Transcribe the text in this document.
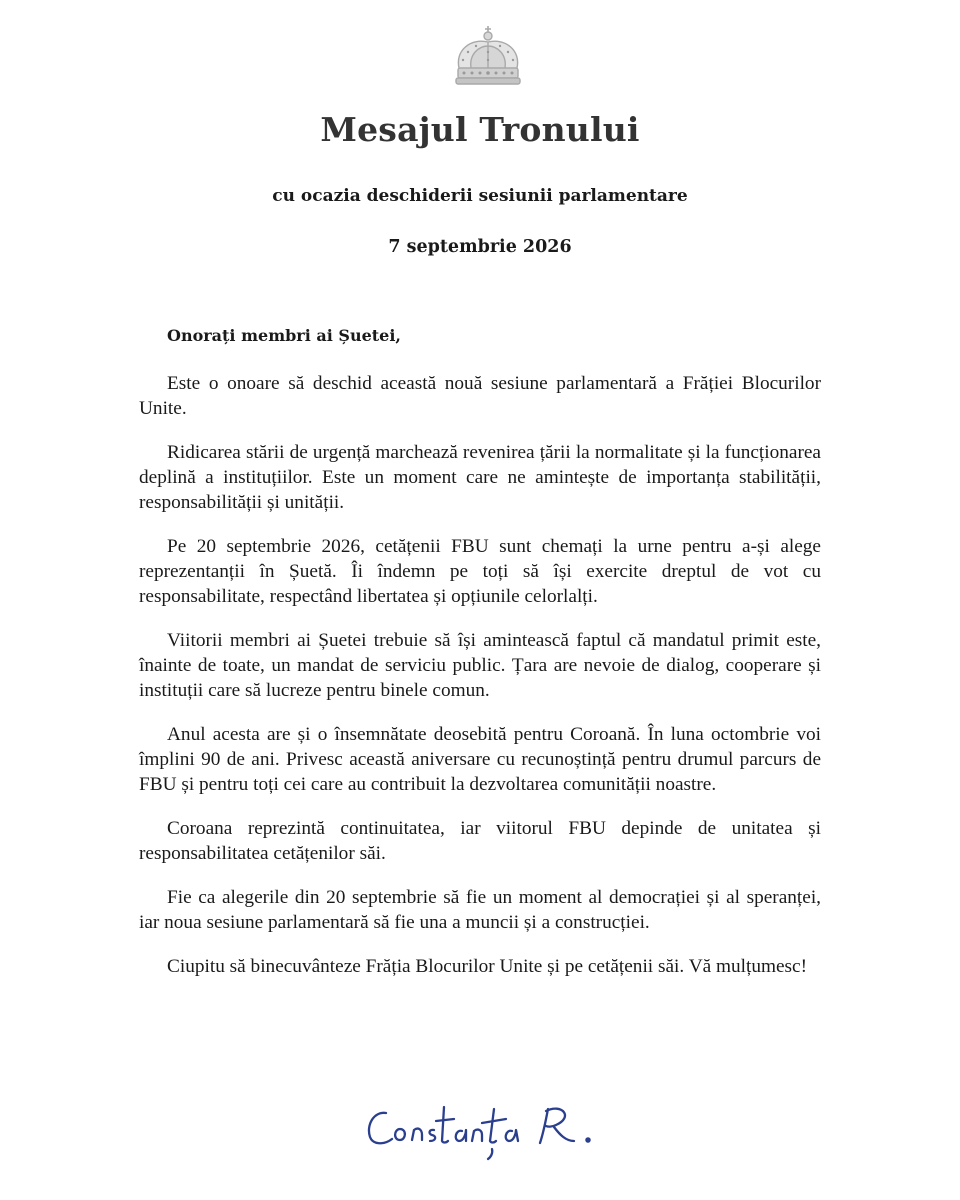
Mesajul Tronului
cu ocazia deschiderii sesiunii parlamentare
7 septembrie 2026
Onorați membri ai Șuetei,

Este o onoare să deschid această nouă sesiune parlamentară a Frăției Blocurilor Unite.

Ridicarea stării de urgență marchează revenirea țării la normalitate și la funcționarea deplină a instituțiilor. Este un moment care ne amintește de importanța stabilității, responsabilității și unității.

Pe 20 septembrie 2026, cetățenii FBU sunt chemați la urne pentru a-și alege reprezentanții în Șuetă. Îi îndemn pe toți să își exercite dreptul de vot cu responsabilitate, respectând libertatea și opțiunile celorlalți.

Viitorii membri ai Șuetei trebuie să își amintească faptul că mandatul primit este, înainte de toate, un mandat de serviciu public. Țara are nevoie de dialog, cooperare și instituții care să lucreze pentru binele comun.

Anul acesta are și o însemnătate deosebită pentru Coroană. În luna octombrie voi împlini 90 de ani. Privesc această aniversare cu recunoștință pentru drumul parcurs de FBU și pentru toți cei care au contribuit la dezvoltarea comunității noastre.

Coroana reprezintă continuitatea, iar viitorul FBU depinde de unitatea și responsabilitatea cetățenilor săi.

Fie ca alegerile din 20 septembrie să fie un moment al democrației și al speranței, iar noua sesiune parlamentară să fie una a muncii și a construcției.

Ciupitu să binecuvânteze Frăția Blocurilor Unite și pe cetățenii săi. Vă mulțumesc!
